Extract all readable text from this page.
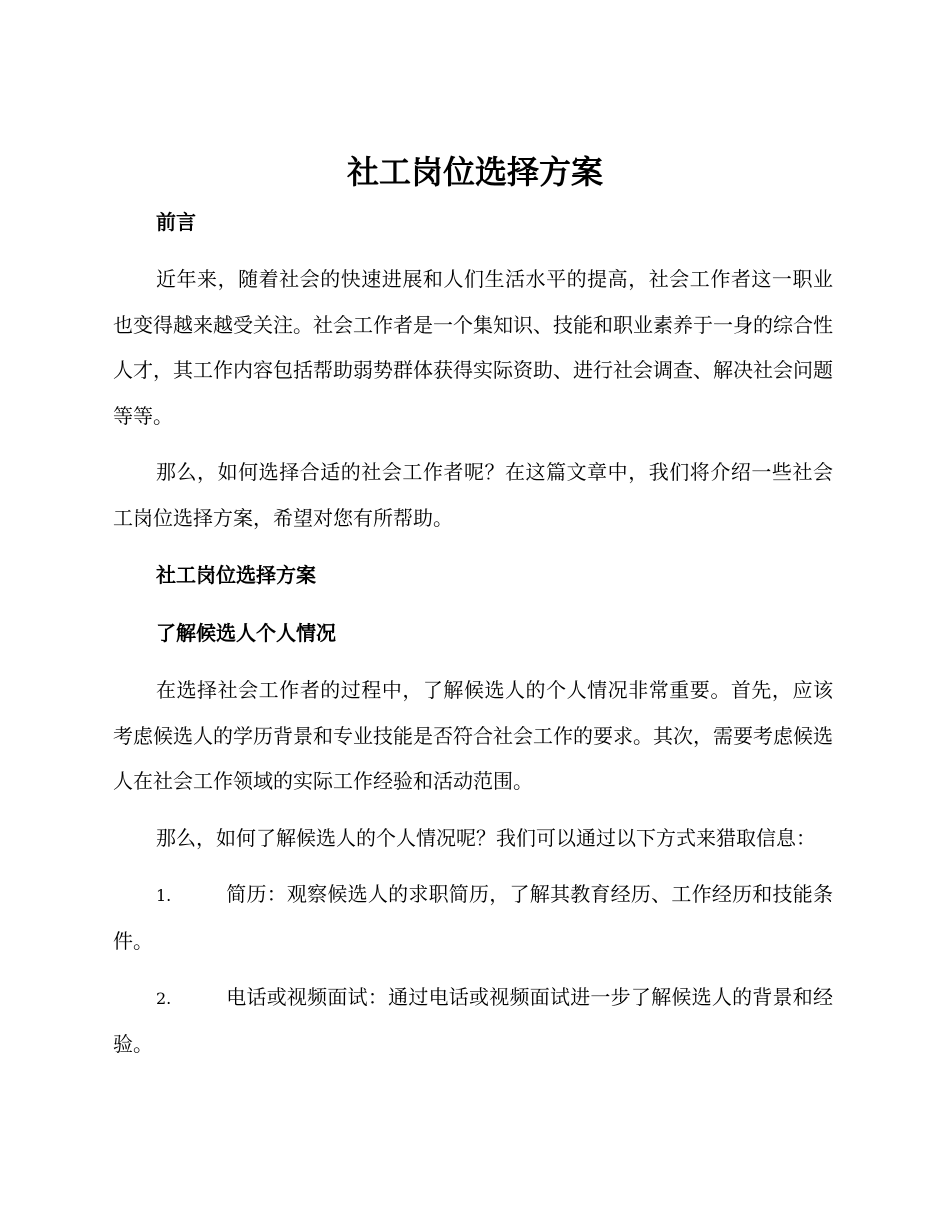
社工岗位选择方案

前言

近年来，随着社会的快速进展和人们生活水平的提高，社会工作者这一职业也变得越来越受关注。社会工作者是一个集知识、技能和职业素养于一身的综合性人才，其工作内容包括帮助弱势群体获得实际资助、进行社会调查、解决社会问题等等。

那么，如何选择合适的社会工作者呢？在这篇文章中，我们将介绍一些社会工岗位选择方案，希望对您有所帮助。

社工岗位选择方案

了解候选人个人情况

在选择社会工作者的过程中，了解候选人的个人情况非常重要。首先，应该考虑候选人的学历背景和专业技能是否符合社会工作的要求。其次，需要考虑候选人在社会工作领域的实际工作经验和活动范围。

那么，如何了解候选人的个人情况呢？我们可以通过以下方式来猎取信息：

1.	简历：观察候选人的求职简历，了解其教育经历、工作经历和技能条件。

2.	电话或视频面试：通过电话或视频面试进一步了解候选人的背景和经验。
